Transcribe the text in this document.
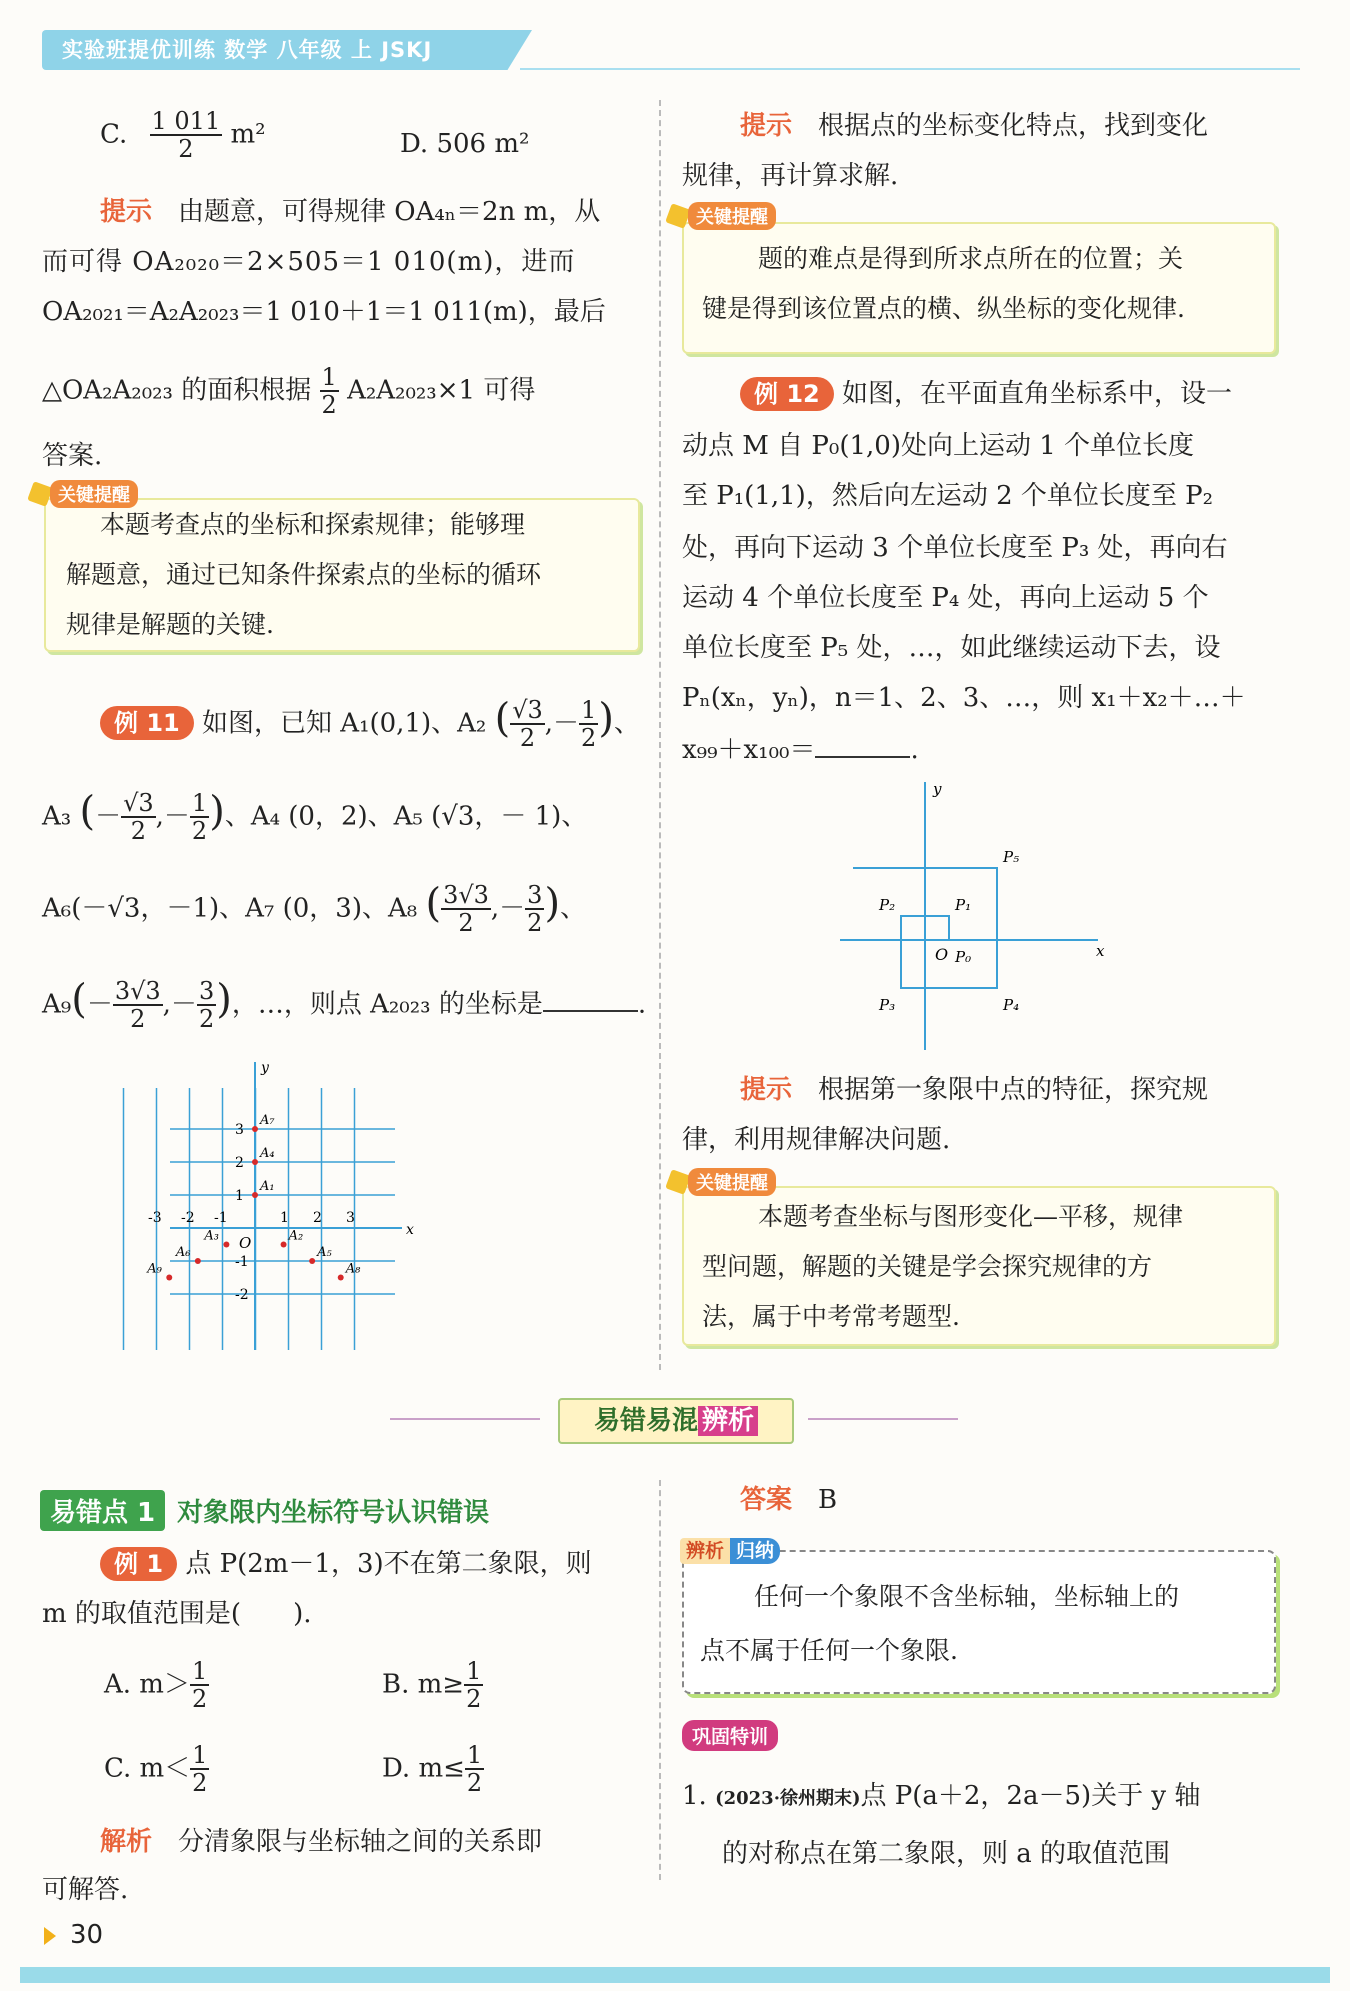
实验班提优训练 数学 八年级 上 JSKJ
C. $\frac{1 011}{2} m^2$	D. 506 m²
提示　 由题意，可得规律 OA₄ₙ＝2n m，从
而可得 OA₂₀₂₀＝2×505＝1 010(m)，进而
OA₂₀₂₁＝A₂A₂₀₂₃＝1 010＋1＝1 011(m)，最后
△OA₂A₂₀₂₃ 的面积根据 $\frac{1}{2} A_2A_{2023}\times 1$ 可得
答案.
关键提醒
本题考查点的坐标和探索规律；能够理
解题意，通过已知条件探索点的坐标的循环
规律是解题的关键.
例 11 如图，已知 A₁(0,1)、A₂ ( $\frac{√3}{2}$ ,－ $\frac{1}{2}$ )、
A₃ (－ $\frac{√3}{2}$ ,－ $\frac{1}{2}$ )、A₄ (0，2)、A₅ (√3，－ 1)、
A₆(－√3，－1)、A₇ (0，3)、A₈ ( $\frac{3√3}{2}$ ,－ $\frac{3}{2}$ )、
$A_9(- \frac{3√3}{2}$ ,－ $\frac{3}{2}$ )，…，则点 A₂₀₂₃ 的坐标是	.
x
y
O
-3 -2 -1	1 2 3
3
2
1
-1
-2
A₁
A₂
A₃
A₄
A₅
A₆
A₇
A₈
A₉
提示　 根据点的坐标变化特点，找到变化
规律，再计算求解.
关键提醒
题的难点是得到所求点所在的位置；关
键是得到该位置点的横、纵坐标的变化规律.
例 12 如图，在平面直角坐标系中，设一
动点 M 自 P₀(1,0)处向上运动 1 个单位长度
至 P₁(1,1)，然后向左运动 2 个单位长度至 P₂
处，再向下运动 3 个单位长度至 P₃ 处，再向右
运动 4 个单位长度至 P₄ 处，再向上运动 5 个
单位长度至 P₅ 处，…，如此继续运动下去，设
Pₙ(xₙ，yₙ)，n＝1、2、3、…，则 x₁＋x₂＋…＋
x₉₉＋x₁₀₀＝	.
x
y
O P₀
P₁
P₂
P₃	P₄
P₅
提示　 根据第一象限中点的特征，探究规
律，利用规律解决问题.
关键提醒
本题考查坐标与图形变化—平移，规律
型问题，解题的关键是学会探究规律的方
法，属于中考常考题型.
易错易混 辨析
易错点 1 对象限内坐标符号认识错误
例 1 点 P(2m－1，3)不在第二象限，则
m 的取值范围是(　　).
A. $m> \frac{1}{2}$	B. $m\ge \frac{1}{2}$
C. $m< \frac{1}{2}$	D. $m\le \frac{1}{2}$
解析　 分清象限与坐标轴之间的关系即
可解答.
答案　 B
辨析 归纳
任何一个象限不含坐标轴，坐标轴上的
点不属于任何一个象限.
巩固特训
1. (2023·徐州期末)点 P(a＋2，2a－5)关于 y 轴
的对称点在第二象限，则 a 的取值范围
30
